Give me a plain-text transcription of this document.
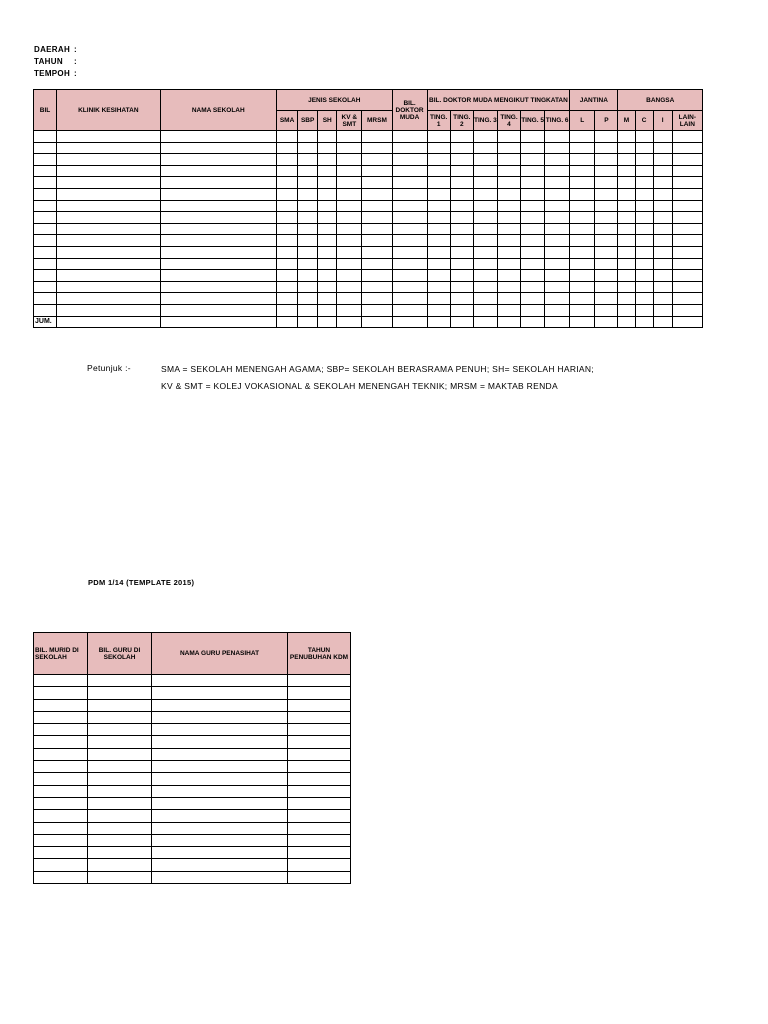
DAERAH :
TAHUN :
TEMPOH :
BIL	KLINIK KESIHATAN	NAMA SEKOLAH	JENIS SEKOLAH					BIL. DOKTOR MUDA	BIL. DOKTOR MUDA MENGIKUT TINGKATAN						JANTINA		BANGSA			
			SMA	SBP	SH	KV & SMT	MRSM		TING. 1	TING. 2	TING. 3	TING. 4	TING. 5	TING. 6	L	P	M	C	I	LAIN-LAIN

JUM.																				
Petunjuk :-	SMA = SEKOLAH MENENGAH AGAMA; SBP= SEKOLAH BERASRAMA PENUH; SH= SEKOLAH HARIAN;
KV & SMT = KOLEJ VOKASIONAL & SEKOLAH MENENGAH TEKNIK; MRSM = MAKTAB RENDA
PDM 1/14 (TEMPLATE 2015)
BIL. MURID DI SEKOLAH	BIL. GURU DI SEKOLAH	NAMA GURU PENASIHAT	TAHUN PENUBUHAN KDM
